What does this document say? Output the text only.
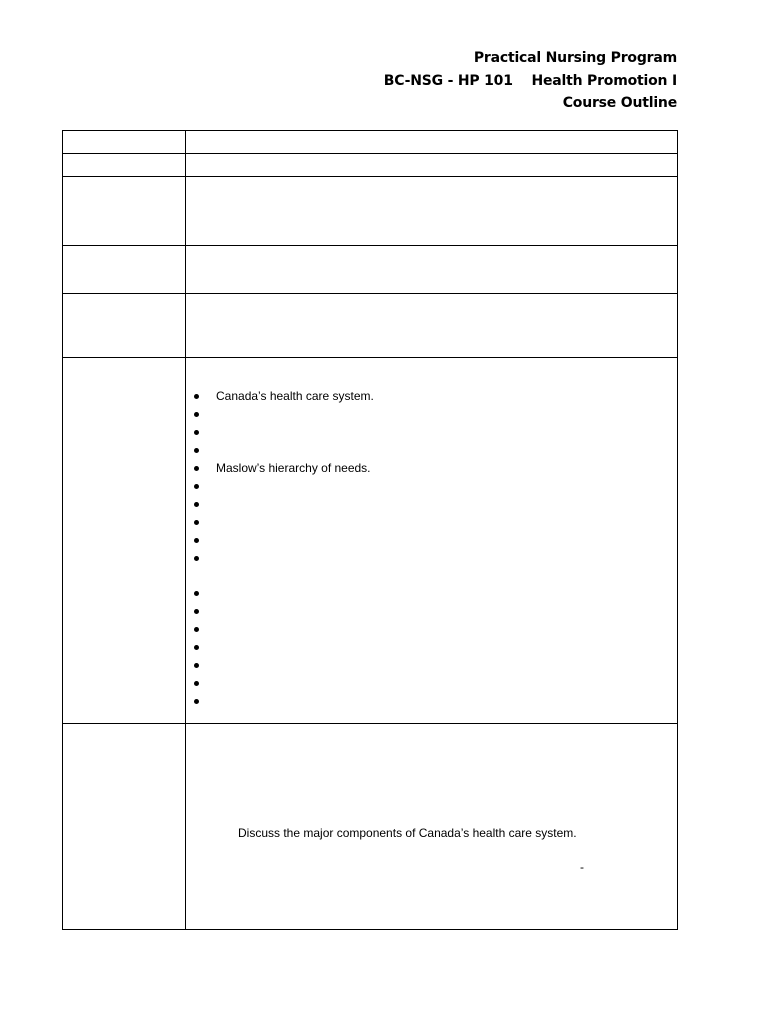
Practical Nursing Program
BC-NSG - HP 101    Health Promotion I
Course Outline
Canada’s health care system.
Maslow’s hierarchy of needs.
Discuss the major components of Canada’s health care system.
-
